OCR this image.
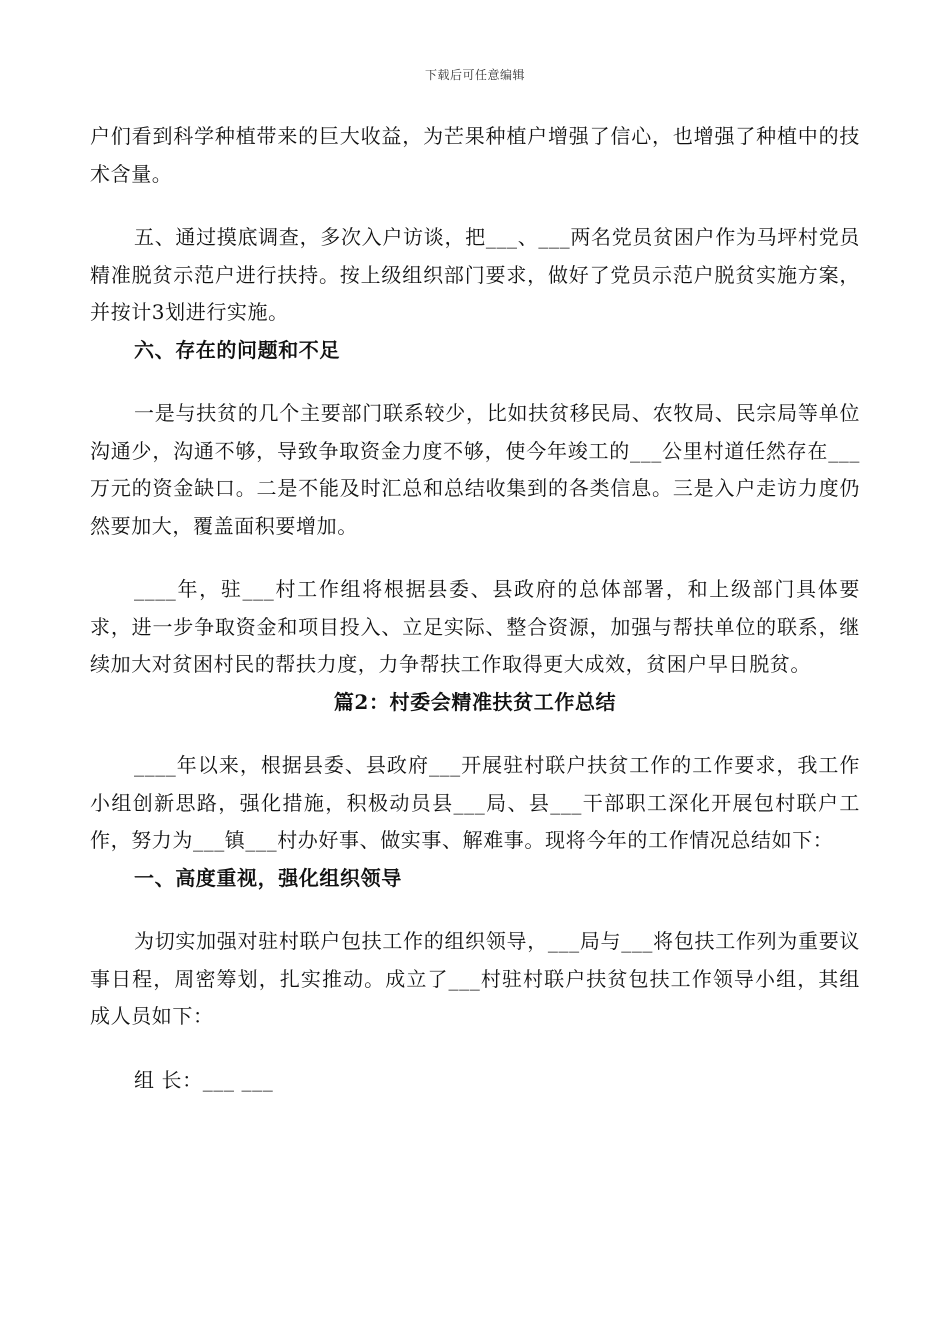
下载后可任意编辑

户们看到科学种植带来的巨大收益，为芒果种植户增强了信心，也增强了种植中的技术含量。

五、通过摸底调查，多次入户访谈，把___、___两名党员贫困户作为马坪村党员精准脱贫示范户进行扶持。按上级组织部门要求，做好了党员示范户脱贫实施方案，并按计3划进行实施。

六、存在的问题和不足

一是与扶贫的几个主要部门联系较少，比如扶贫移民局、农牧局、民宗局等单位沟通少，沟通不够，导致争取资金力度不够，使今年竣工的___公里村道任然存在___万元的资金缺口。二是不能及时汇总和总结收集到的各类信息。三是入户走访力度仍然要加大，覆盖面积要增加。

____年，驻___村工作组将根据县委、县政府的总体部署，和上级部门具体要求，进一步争取资金和项目投入、立足实际、整合资源，加强与帮扶单位的联系，继续加大对贫困村民的帮扶力度，力争帮扶工作取得更大成效，贫困户早日脱贫。

篇2：村委会精准扶贫工作总结

____年以来，根据县委、县政府___开展驻村联户扶贫工作的工作要求，我工作小组创新思路，强化措施，积极动员县___局、县___干部职工深化开展包村联户工作，努力为___镇___村办好事、做实事、解难事。现将今年的工作情况总结如下：

一、高度重视，强化组织领导

为切实加强对驻村联户包扶工作的组织领导，___局与___将包扶工作列为重要议事日程，周密筹划，扎实推动。成立了___村驻村联户扶贫包扶工作领导小组，其组成人员如下：

组 长：___ ___
